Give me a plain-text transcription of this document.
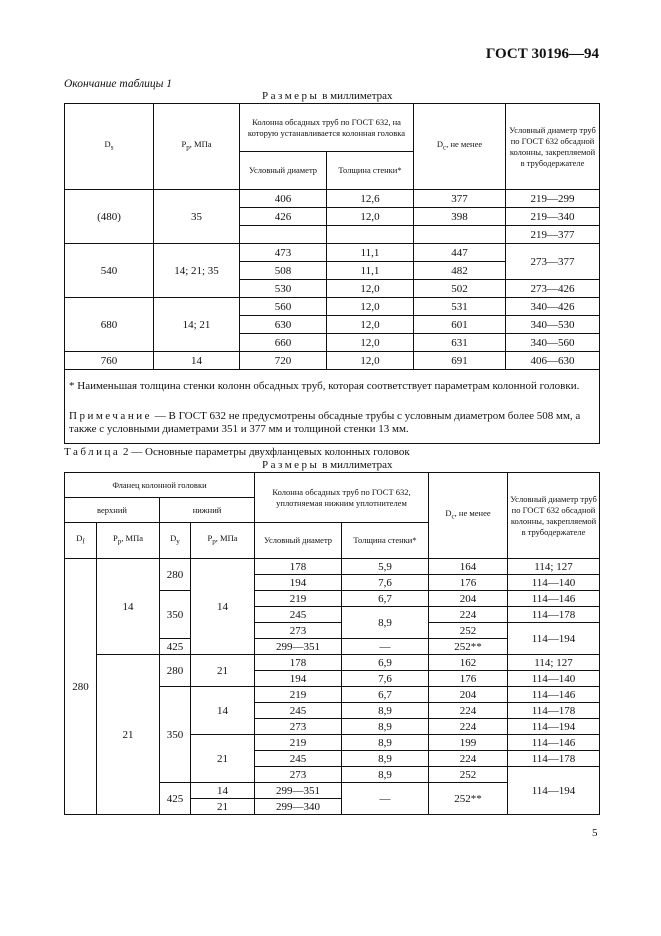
ГОСТ 30196—94
Окончание таблицы 1
Размеры в миллиметрах
$D_s$	$P_p$, МПа	Колонна обсадных труб по ГОСТ 632, на которую устанавливается колонная головка		$D_c$, не менее	Условный диаметр труб по ГОСТ 632 обсадной колонны, закрепляемой в трубодержателе
		Условный диаметр	Толщина стенки*		
(480)	35	406	12,6	377	219—299
		426	12,0	398	219—340
					219—377
540	14; 21; 35	473	11,1	447	273—377
		508	11,1	482	
		530	12,0	502	273—426
680	14; 21	560	12,0	531	340—426
		630	12,0	601	340—530
		660	12,0	631	340—560
760	14	720	12,0	691	406—630
* Наименьшая толщина стенки колонн обсадных труб, которая соответствует параметрам колонной головки.					
Примечание — В ГОСТ 632 не предусмотрены обсадные трубы с условным диаметром более 508 мм, а также с условными диаметрами 351 и 377 мм и толщиной стенки 13 мм.					
Таблица 2 — Основные параметры двухфланцевых колонных головок
Размеры в миллиметрах
Фланец колонной головки				Колонна обсадных труб по ГОСТ 632, уплотняемая нижним уплотнителем		$D_c$, не менее	Условный диаметр труб по ГОСТ 632 обсадной колонны, закрепляемой в трубодержателе
верхний		нижний					
$D_f$	$P_p$, МПа	$D_y$	$P_p$, МПа	Условный диаметр	Толщина стенки*		
280	14	280	14	178	5,9	164	114; 127
				194	7,6	176	114—140
		350		219	6,7	204	114—146
				245	8,9	224	114—178
				273		252	114—194
		425		299—351	—	252**	
	21	280	21	178	6,9	162	114; 127
				194	7,6	176	114—140
		350	14	219	6,7	204	114—146
				245	8,9	224	114—178
				273	8,9	224	114—194
			21	219	8,9	199	114—146
				245	8,9	224	114—178
				273	8,9	252	114—194
		425	14	299—351	—	252**	
			21	299—340			
5
